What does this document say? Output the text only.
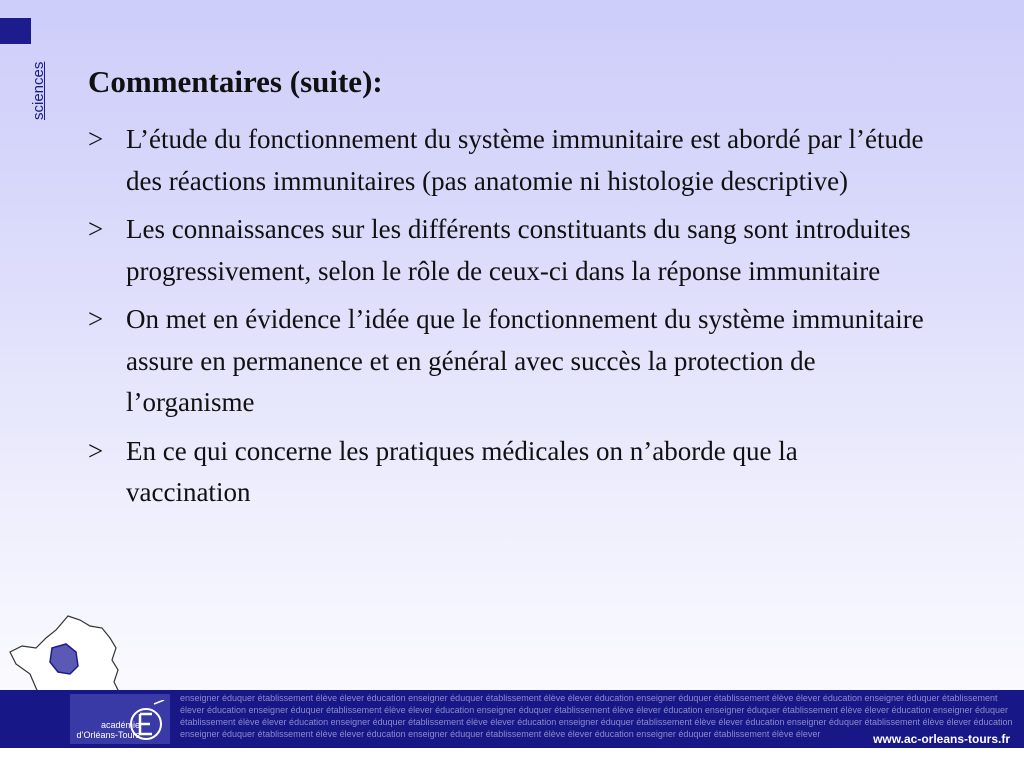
sciences Commentaires (suite):
> L’étude du fonctionnement du système immunitaire est abordé par l’étude des réactions immunitaires (pas anatomie ni histologie descriptive)
> Les connaissances sur les différents constituants du sang sont introduites progressivement, selon le rôle de ceux-ci dans la réponse immunitaire
> On met en évidence l’idée que le fonctionnement du système immunitaire assure en permanence et en général avec succès la protection de l’organisme
> En ce qui concerne les pratiques médicales on n’aborde que la vaccination
académie
d’Orléans-Tours
enseigner éduquer établissement élève élever éducation enseigner éduquer établissement élève élever éducation enseigner éduquer établissement élève élever éducation enseigner éduquer établissement
élever éducation enseigner éduquer établissement élève élever éducation enseigner éduquer établissement élève élever éducation enseigner éduquer établissement élève élever éducation enseigner éduquer
établissement élève élever éducation enseigner éduquer établissement élève élever éducation enseigner éduquer établissement élève élever éducation enseigner éduquer établissement élève élever éducation
enseigner éduquer établissement élève élever éducation enseigner éduquer établissement élève élever éducation enseigner éduquer établissement élève élever	www.ac-orleans-tours.fr
